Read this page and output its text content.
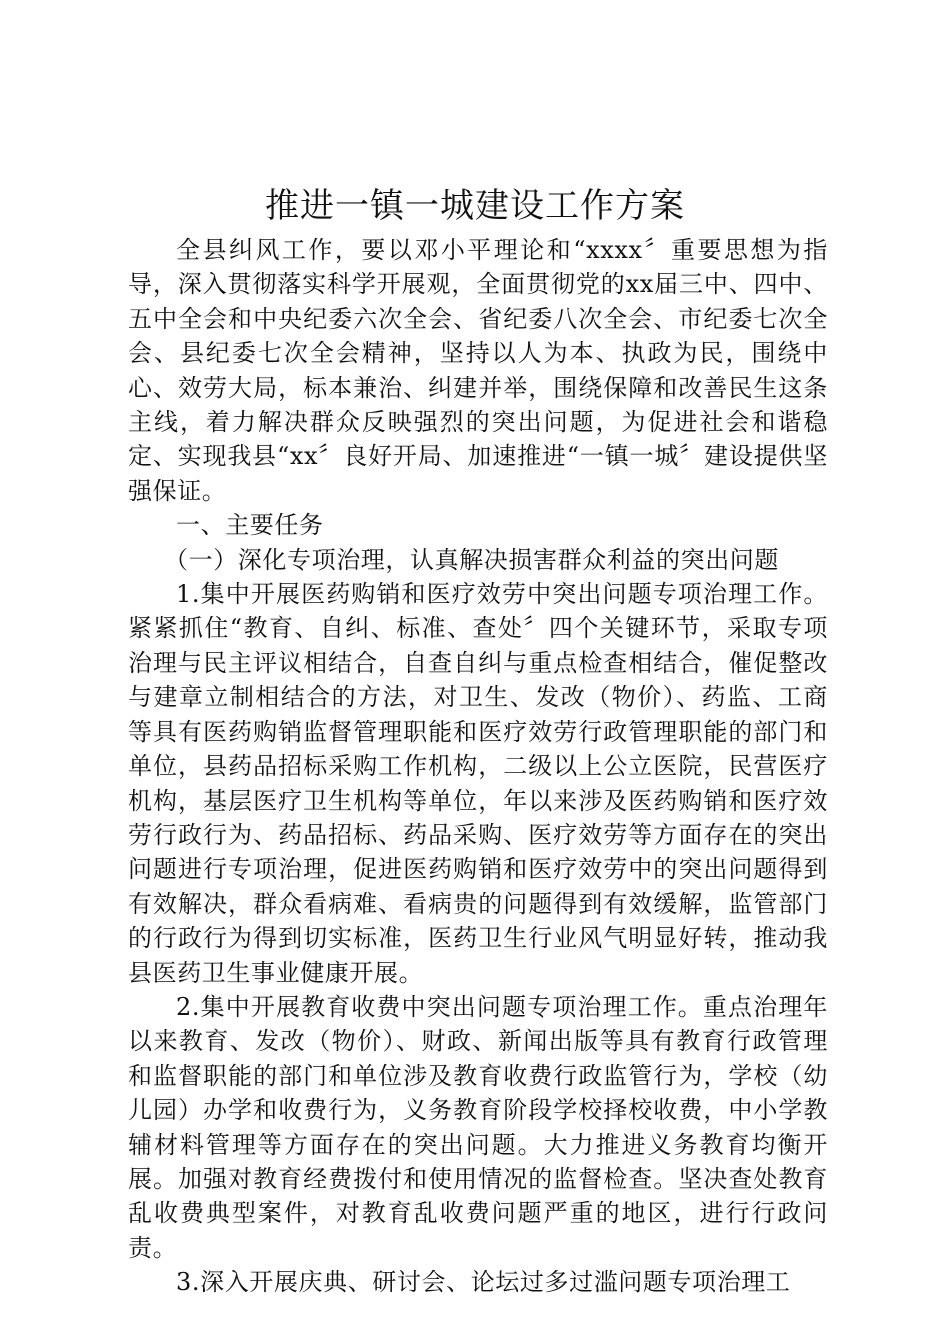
推进一镇一城建设工作方案

全县纠风工作，要以邓小平理论和“xxxx〞重要思想为指导，深入贯彻落实科学开展观，全面贯彻党的xx届三中、四中、五中全会和中央纪委六次全会、省纪委八次全会、市纪委七次全会、县纪委七次全会精神，坚持以人为本、执政为民，围绕中心、效劳大局，标本兼治、纠建并举，围绕保障和改善民生这条主线，着力解决群众反映强烈的突出问题，为促进社会和谐稳定、实现我县“xx〞良好开局、加速推进“一镇一城〞建设提供坚强保证。

一、主要任务

（一）深化专项治理，认真解决损害群众利益的突出问题

1.集中开展医药购销和医疗效劳中突出问题专项治理工作。紧紧抓住“教育、自纠、标准、查处〞四个关键环节，采取专项治理与民主评议相结合，自查自纠与重点检查相结合，催促整改与建章立制相结合的方法，对卫生、发改（物价）、药监、工商等具有医药购销监督管理职能和医疗效劳行政管理职能的部门和单位，县药品招标采购工作机构，二级以上公立医院，民营医疗机构，基层医疗卫生机构等单位，年以来涉及医药购销和医疗效劳行政行为、药品招标、药品采购、医疗效劳等方面存在的突出问题进行专项治理，促进医药购销和医疗效劳中的突出问题得到有效解决，群众看病难、看病贵的问题得到有效缓解，监管部门的行政行为得到切实标准，医药卫生行业风气明显好转，推动我县医药卫生事业健康开展。

2.集中开展教育收费中突出问题专项治理工作。重点治理年以来教育、发改（物价）、财政、新闻出版等具有教育行政管理和监督职能的部门和单位涉及教育收费行政监管行为，学校（幼儿园）办学和收费行为，义务教育阶段学校择校收费，中小学教辅材料管理等方面存在的突出问题。大力推进义务教育均衡开展。加强对教育经费拨付和使用情况的监督检查。坚决查处教育乱收费典型案件，对教育乱收费问题严重的地区，进行行政问责。

3.深入开展庆典、研讨会、论坛过多过滥问题专项治理工
